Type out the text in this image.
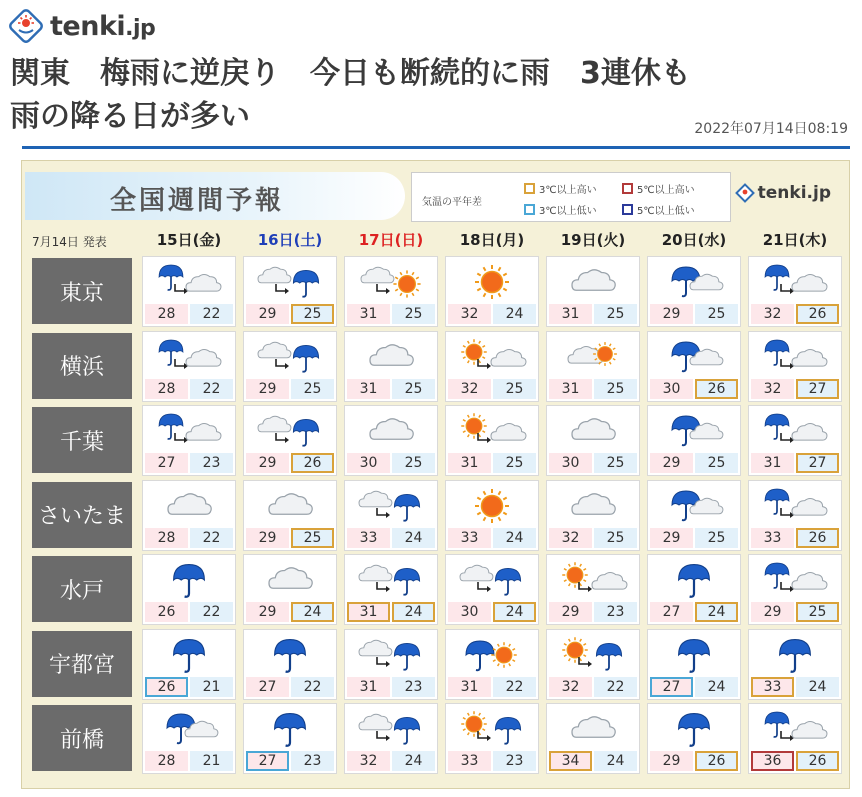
tenki.jp
関東　梅雨に逆戻り　今日も断続的に雨　3連休も
雨の降る日が多い	2022年07月14日08:19
全国週間予報	気温の平年差
3℃以上高い	5℃以上高い
3℃以上低い	5℃以上低い
tenki.jp
7月14日 発表	15日(金)	16日(土)	17日(日)	18日(月)	19日(火)	20日(水)	21日(木)
東京
28	22	29	25	31	25	32	24	31	25	29	25	32	26
横浜
28	22	29	25	31	25	32	25	31	25	30	26	32	27
千葉
27	23	29	26	30	25	31	25	30	25	29	25	31	27
さいたま
28	22	29	25	33	24	33	24	32	25	29	25	33	26
水戸
26	22	29	24	31	24	30	24	29	23	27	24	29	25
宇都宮
26	21	27	22	31	23	31	22	32	22	27	24	33	24
前橋
28	21	27	23	32	24	33	23	34	24	29	26	36	26
